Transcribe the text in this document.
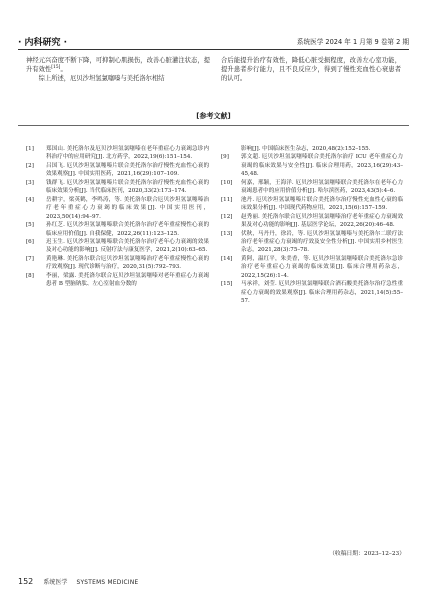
· 内科研究 ·	系统医学 2024 年 1 月第 9 卷第 2 期

神经元兴奋度不断下降，可抑制心肌损伤，改善心脏灌注状态，提升有效性[15]。

综上所述，厄贝沙坦氢氯噻嗪与美托洛尔相结

合后能提升治疗有效性，降低心脏受损程度，改善左心室功能，提升患者步行能力，且不良反应少，得到了慢性充血性心衰患者的认可。

[参考文献]
[1] 郑国山. 美托洛尔及厄贝沙坦氢氯噻嗪在老年重症心力衰竭急诊内科治疗中的应用研究[J]. 北方药学，2022,19(6):151–154.
[2] 吕国飞. 厄贝沙坦氢氯噻嗪片联合美托洛尔治疗慢性充血性心衰的效果观察[J]. 中国实用医药，2021,16(29):107–109.
[3] 钱群飞. 厄贝沙坦氢氯噻嗪片联合美托洛尔治疗慢性充血性心衰的临床效果分析[J]. 当代临床医刊，2020,33(2):173–174.
[4] 岳耕宇，梁英鹤，李鸣涛，等. 美托洛尔联合厄贝沙坦氢氯噻嗪治疗老年重症心力衰竭的临床效果[J]. 中国实用医刊，2023,50(14):94–97.
[5] 孙红芝. 厄贝沙坦氢氯噻嗪联合美托洛尔治疗老年重症慢性心衰的临床应用价值[J]. 自我保健，2022,26(11):123–125.
[6] 迟玉生. 厄贝沙坦氢氯噻嗪联合美托洛尔治疗老年心力衰竭的效果及对心功能的影响[J]. 反射疗法与康复医学，2021,2(10):63–65.
[7] 黄艳琳. 美托洛尔联合厄贝沙坦氢氯噻嗪治疗老年重症慢性心衰的疗效观察[J]. 现代诊断与治疗，2020,31(5):792–793.
[8] 李丽，梁露. 美托洛尔联合厄贝沙坦氢氯噻嗪对老年重症心力衰竭患者 B 型脑钠肽、左心室射血分数的
影响[J]. 中国临床医生杂志，2020,48(2):152–155.
[9] 郭文超. 厄贝沙坦氢氯噻嗪联合美托洛尔治疗 ICU 老年重症心力衰竭的临床效果与安全性[J]. 临床合理用药，2023,16(29):43–45,48.
[10] 何嘉，邢颖，王海洋. 厄贝沙坦氢氯噻嗪联合美托洛尔在老年心力衰竭患者中的应用价值分析[J]. 哈尔滨医药，2023,43(5):4–6.
[11] 池丹. 厄贝沙坦氢氯噻嗪片联合美托洛尔治疗慢性充血性心衰的临床效果分析[J]. 中国现代药物应用，2021,15(6):157–159.
[12] 赵秀丽. 美托洛尔联合厄贝沙坦氢氯噻嗪治疗老年重症心力衰竭效果及对心功能的影响[J]. 基层医学论坛，2022,26(20):46–48.
[13] 伏秋，马丹丹，徐岩，等. 厄贝沙坦氢氯噻嗪与美托洛尔二联疗法治疗老年重症心力衰竭的疗效及安全性分析[J]. 中国实用乡村医生杂志，2021,28(3):75–78.
[14] 黄阿，温红平，朱美香，等. 厄贝沙坦氢氯噻嗪联合美托洛尔急诊治疗老年重症心力衰竭的临床效果[J]. 临床合理用药杂志，2022,15(26):1–4.
[15] 马承祥，刘莹. 厄贝沙坦氢氯噻嗪联合酒石酸美托洛尔治疗急性重症心力衰竭的效果观察[J]. 临床合理用药杂志，2021,14(5):55–57.
（收稿日期：2023–12–23）
152 系统医学 SYSTEMS MEDICINE
